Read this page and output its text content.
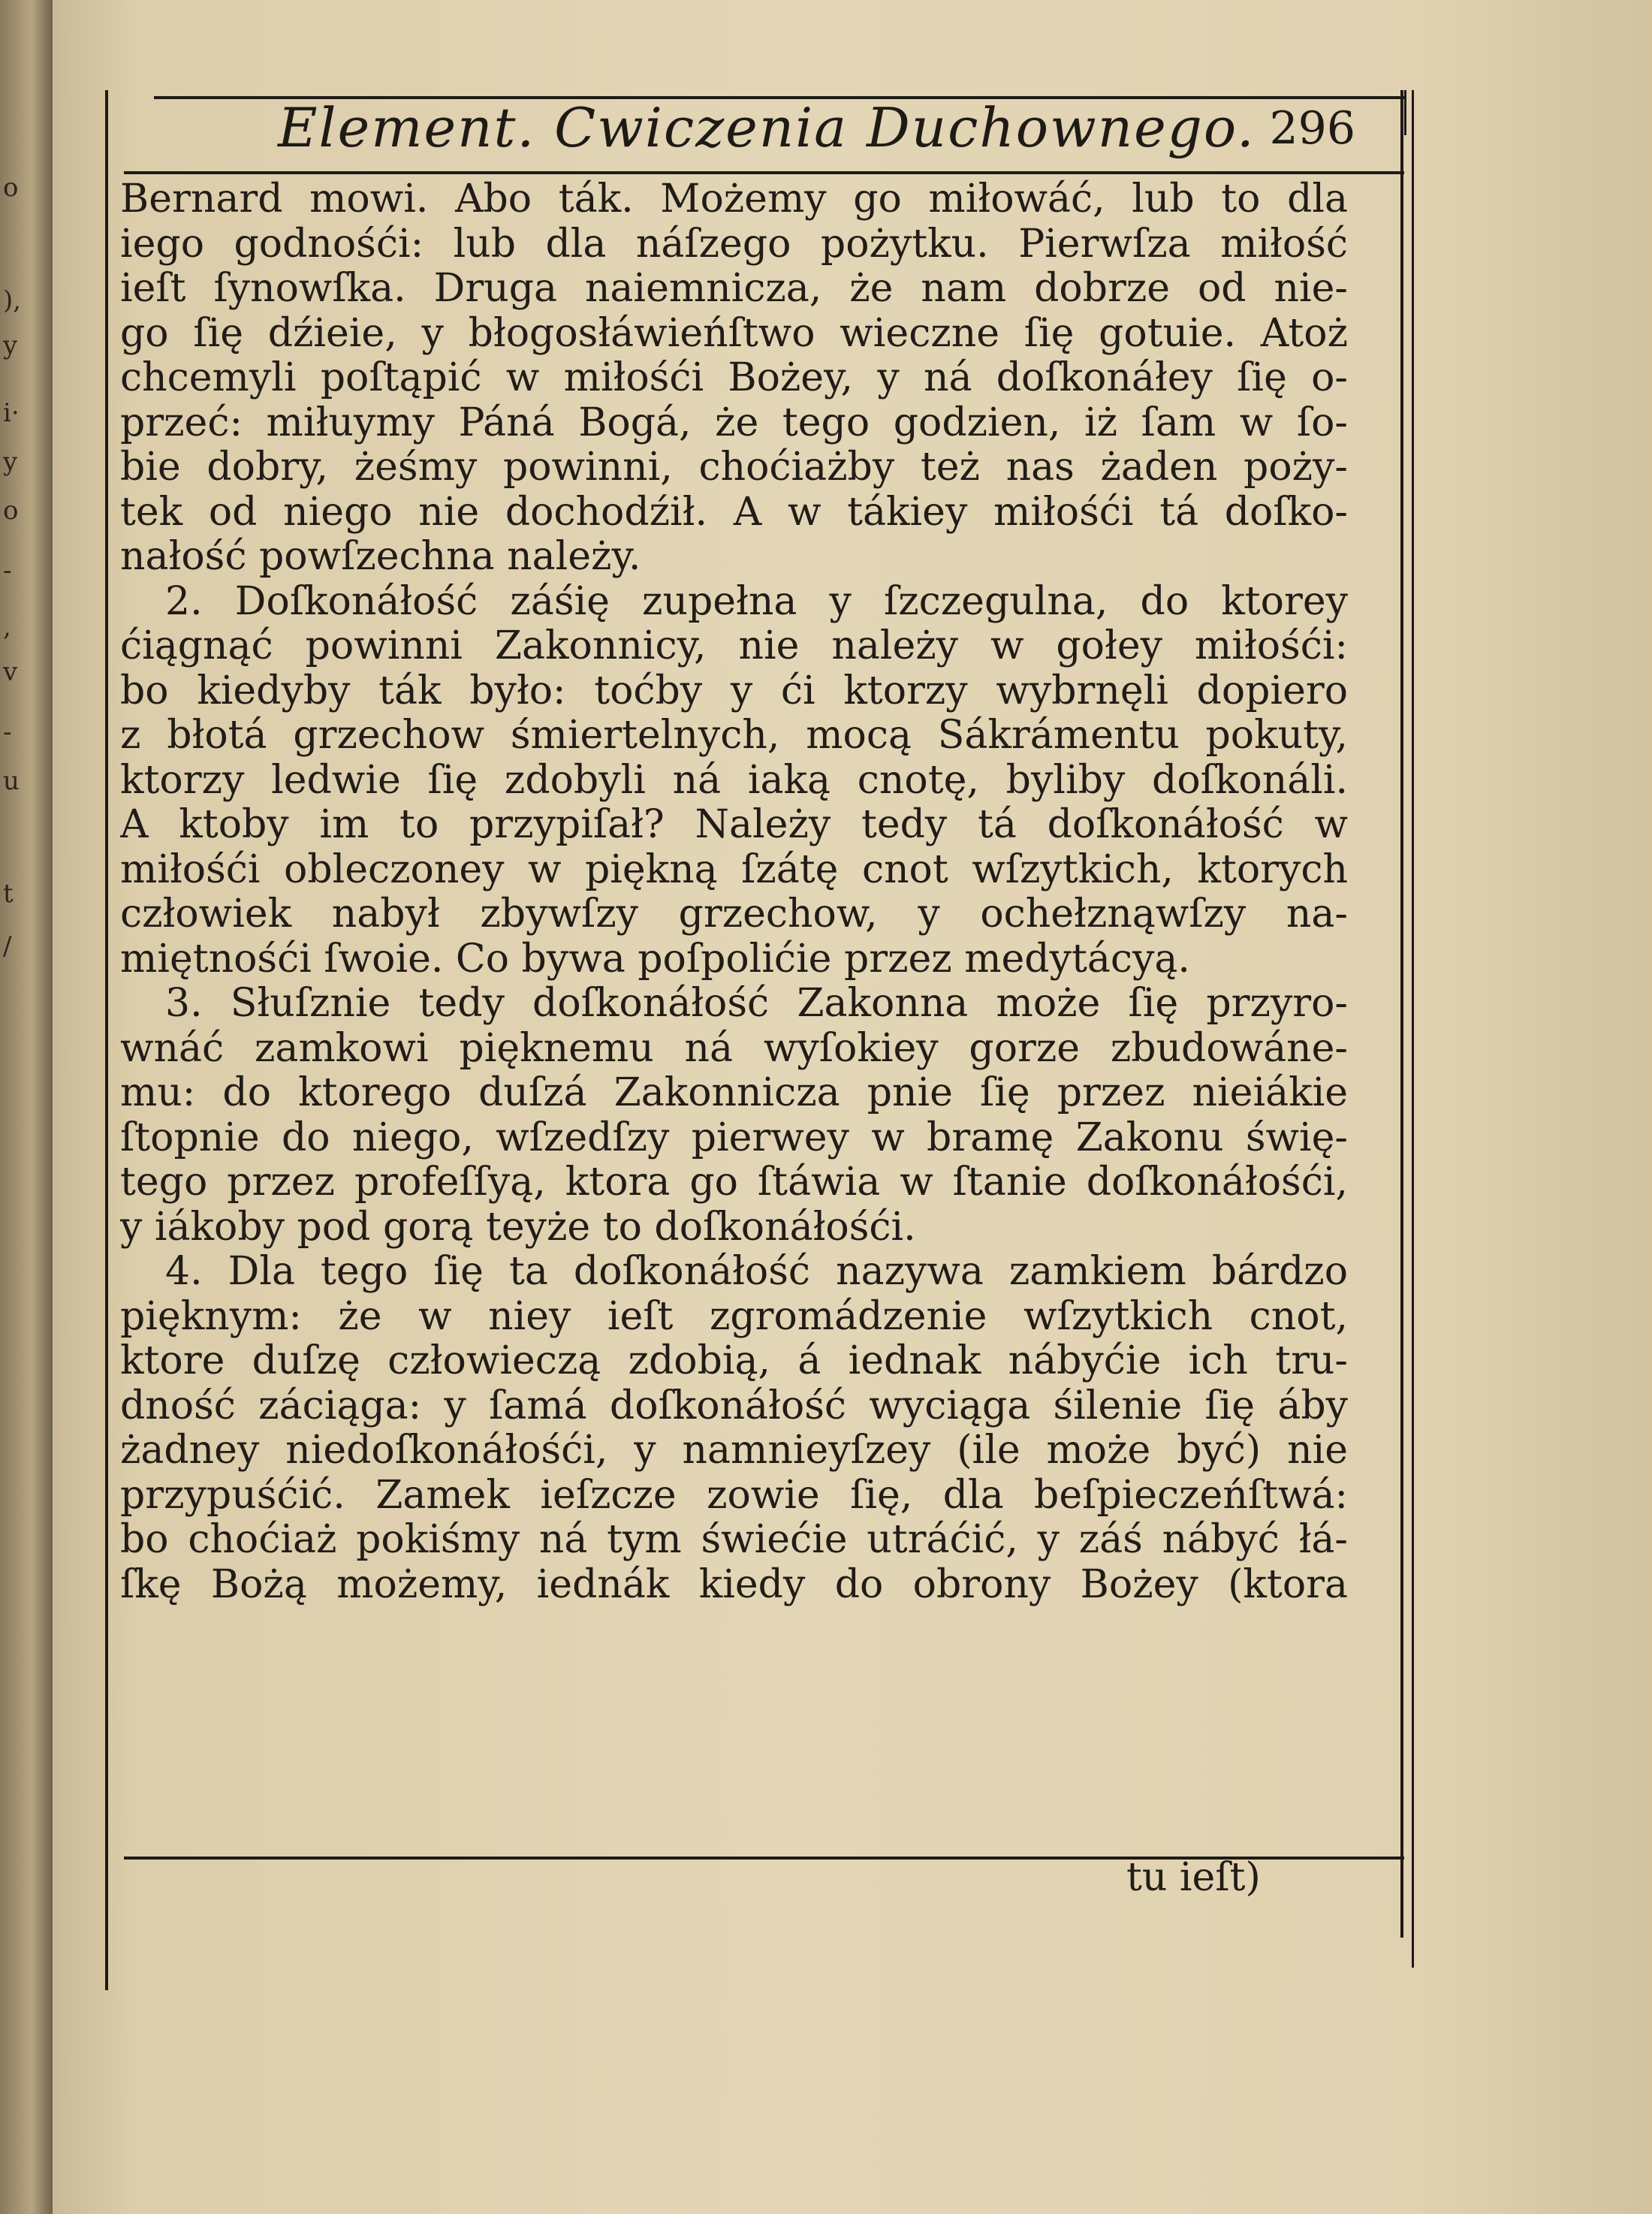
o
),
y
i·
y
o
-
,
v
-
u
t
/
Element. Cwiczenia Duchownego. 296
Bernard mowi. Abo ták. Możemy go miłowáć, lub to dla
iego godnośći: lub dla náſzego pożytku. Pierwſza miłość
ieſt ſynowſka. Druga naiemnicza, że nam dobrze od nie-
go ſię dźieie, y błogosłáwieńſtwo wieczne ſię gotuie. Atoż
chcemyli poſtąpić w miłośći Bożey, y ná doſkonáłey ſię o-
przeć: miłuymy Páná Bogá, że tego godzien, iż ſam w ſo-
bie dobry, żeśmy powinni, choćiażby też nas żaden poży-
tek od niego nie dochodźił. A w tákiey miłośći tá doſko-
nałość powſzechna należy.
2. Doſkonáłość záśię zupełna y ſzczegulna, do ktorey
ćiągnąć powinni Zakonnicy, nie należy w gołey miłośći:
bo kiedyby ták było: toćby y ći ktorzy wybrnęli dopiero
z błotá grzechow śmiertelnych, mocą Sákrámentu pokuty,
ktorzy ledwie ſię zdobyli ná iaką cnotę, byliby doſkonáli.
A ktoby im to przypiſał? Należy tedy tá doſkonáłość w
miłośći obleczoney w piękną ſzátę cnot wſzytkich, ktorych
człowiek nabył zbywſzy grzechow, y ochełznąwſzy na-
miętnośći ſwoie. Co bywa poſpolićie przez medytácyą.
3. Słuſznie tedy doſkonáłość Zakonna może ſię przyro-
wnáć zamkowi pięknemu ná wyſokiey gorze zbudowáne-
mu: do ktorego duſzá Zakonnicza pnie ſię przez nieiákie
ſtopnie do niego, wſzedſzy pierwey w bramę Zakonu świę-
tego przez profeſſyą, ktora go ſtáwia w ſtanie doſkonáłośći,
y iákoby pod gorą teyże to doſkonáłośći.
4. Dla tego ſię ta doſkonáłość nazywa zamkiem bárdzo
pięknym: że w niey ieſt zgromádzenie wſzytkich cnot,
ktore duſzę człowieczą zdobią, á iednak nábyćie ich tru-
dność záciąga: y ſamá doſkonáłość wyciąga śilenie ſię áby
żadney niedoſkonáłośći, y namnieyſzey (ile może być) nie
przypuśćić. Zamek ieſzcze zowie ſię, dla beſpieczeńſtwá:
bo choćiaż pokiśmy ná tym świećie utráćić, y záś nábyć łá-
ſkę Bożą możemy, iednák kiedy do obrony Bożey (ktora
tu ieſt)
